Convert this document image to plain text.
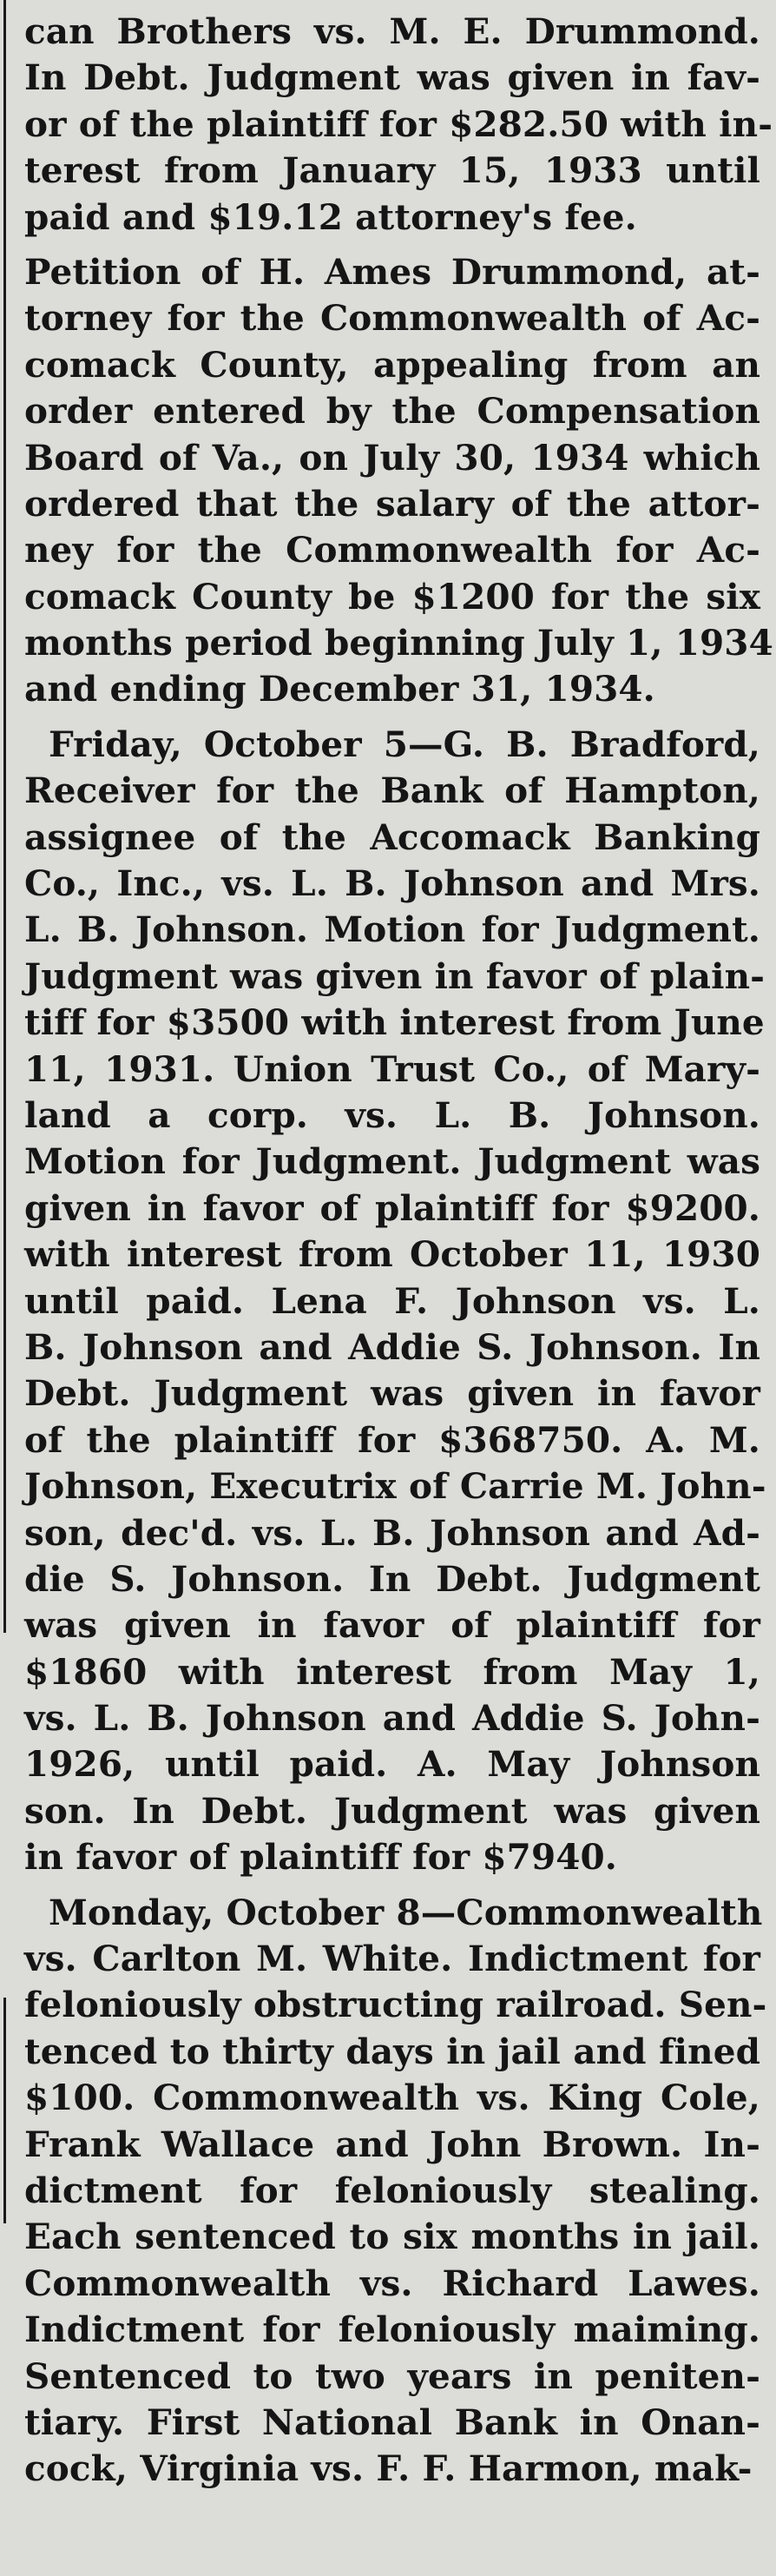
can Brothers vs. M. E. Drummond.
In Debt. Judgment was given in fav-
or of the plaintiff for $282.50 with in-
terest from January 15, 1933 until
paid and $19.12 attorney's fee.
Petition of H. Ames Drummond, at-
torney for the Commonwealth of Ac-
comack County, appealing from an
order entered by the Compensation
Board of Va., on July 30, 1934 which
ordered that the salary of the attor-
ney for the Commonwealth for Ac-
comack County be $1200 for the six
months period beginning July 1, 1934
and ending December 31, 1934.
Friday, October 5—G. B. Bradford,
Receiver for the Bank of Hampton,
assignee of the Accomack Banking
Co., Inc., vs. L. B. Johnson and Mrs.
L. B. Johnson. Motion for Judgment.
Judgment was given in favor of plain-
tiff for $3500 with interest from June
11, 1931. Union Trust Co., of Mary-
land a corp. vs. L. B. Johnson.
Motion for Judgment. Judgment was
given in favor of plaintiff for $9200.
with interest from October 11, 1930
until paid. Lena F. Johnson vs. L.
B. Johnson and Addie S. Johnson. In
Debt. Judgment was given in favor
of the plaintiff for $368750. A. M.
Johnson, Executrix of Carrie M. John-
son, dec'd. vs. L. B. Johnson and Ad-
die S. Johnson. In Debt. Judgment
was given in favor of plaintiff for
$1860 with interest from May 1,
vs. L. B. Johnson and Addie S. John-
1926, until paid. A. May Johnson
son. In Debt. Judgment was given
in favor of plaintiff for $7940.
Monday, October 8—Commonwealth
vs. Carlton M. White. Indictment for
feloniously obstructing railroad. Sen-
tenced to thirty days in jail and fined
$100. Commonwealth vs. King Cole,
Frank Wallace and John Brown. In-
dictment for feloniously stealing.
Each sentenced to six months in jail.
Commonwealth vs. Richard Lawes.
Indictment for feloniously maiming.
Sentenced to two years in peniten-
tiary. First National Bank in Onan-
cock, Virginia vs. F. F. Harmon, mak-
